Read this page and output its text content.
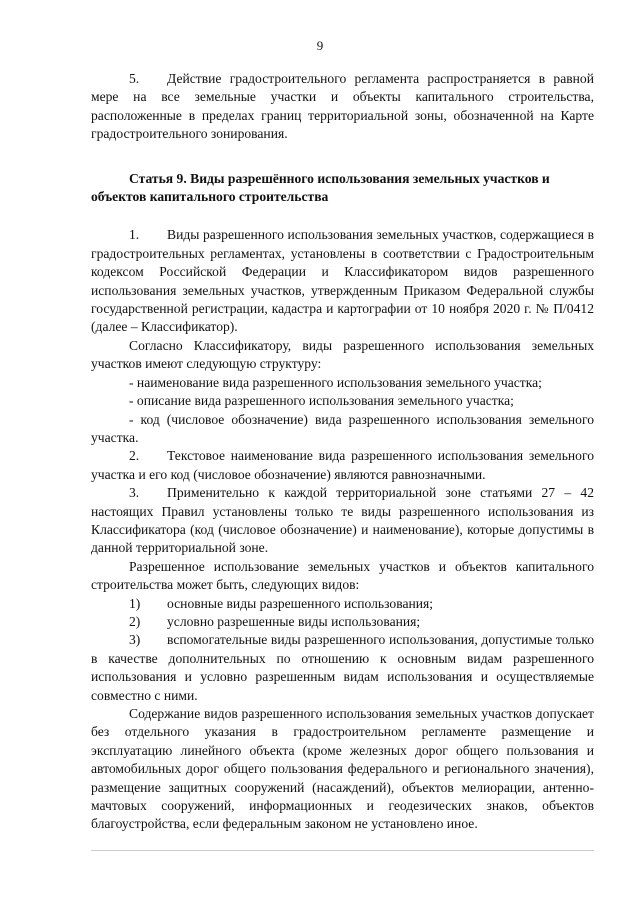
9

5. Действие градостроительного регламента распространяется в равной мере на все земельные участки и объекты капитального строительства, расположенные в пределах границ территориальной зоны, обозначенной на Карте градостроительного зонирования.

Статья 9. Виды разрешённого использования земельных участков и объектов капитального строительства

1. Виды разрешенного использования земельных участков, содержащиеся в градостроительных регламентах, установлены в соответствии с Градостроительным кодексом Российской Федерации и Классификатором видов разрешенного использования земельных участков, утвержденным Приказом Федеральной службы государственной регистрации, кадастра и картографии от 10 ноября 2020 г. № П/0412 (далее – Классификатор).

Согласно Классификатору, виды разрешенного использования земельных участков имеют следующую структуру:

- наименование вида разрешенного использования земельного участка;

- описание вида разрешенного использования земельного участка;

- код (числовое обозначение) вида разрешенного использования земельного участка.

2. Текстовое наименование вида разрешенного использования земельного участка и его код (числовое обозначение) являются равнозначными.

3. Применительно к каждой территориальной зоне статьями 27 – 42 настоящих Правил установлены только те виды разрешенного использования из Классификатора (код (числовое обозначение) и наименование), которые допустимы в данной территориальной зоне.

Разрешенное использование земельных участков и объектов капитального строительства может быть, следующих видов:

1) основные виды разрешенного использования;

2) условно разрешенные виды использования;

3) вспомогательные виды разрешенного использования, допустимые только в качестве дополнительных по отношению к основным видам разрешенного использования и условно разрешенным видам использования и осуществляемые совместно с ними.

Содержание видов разрешенного использования земельных участков допускает без отдельного указания в градостроительном регламенте размещение и эксплуатацию линейного объекта (кроме железных дорог общего пользования и автомобильных дорог общего пользования федерального и регионального значения), размещение защитных сооружений (насаждений), объектов мелиорации, антенно-мачтовых сооружений, информационных и геодезических знаков, объектов благоустройства, если федеральным законом не установлено иное.
